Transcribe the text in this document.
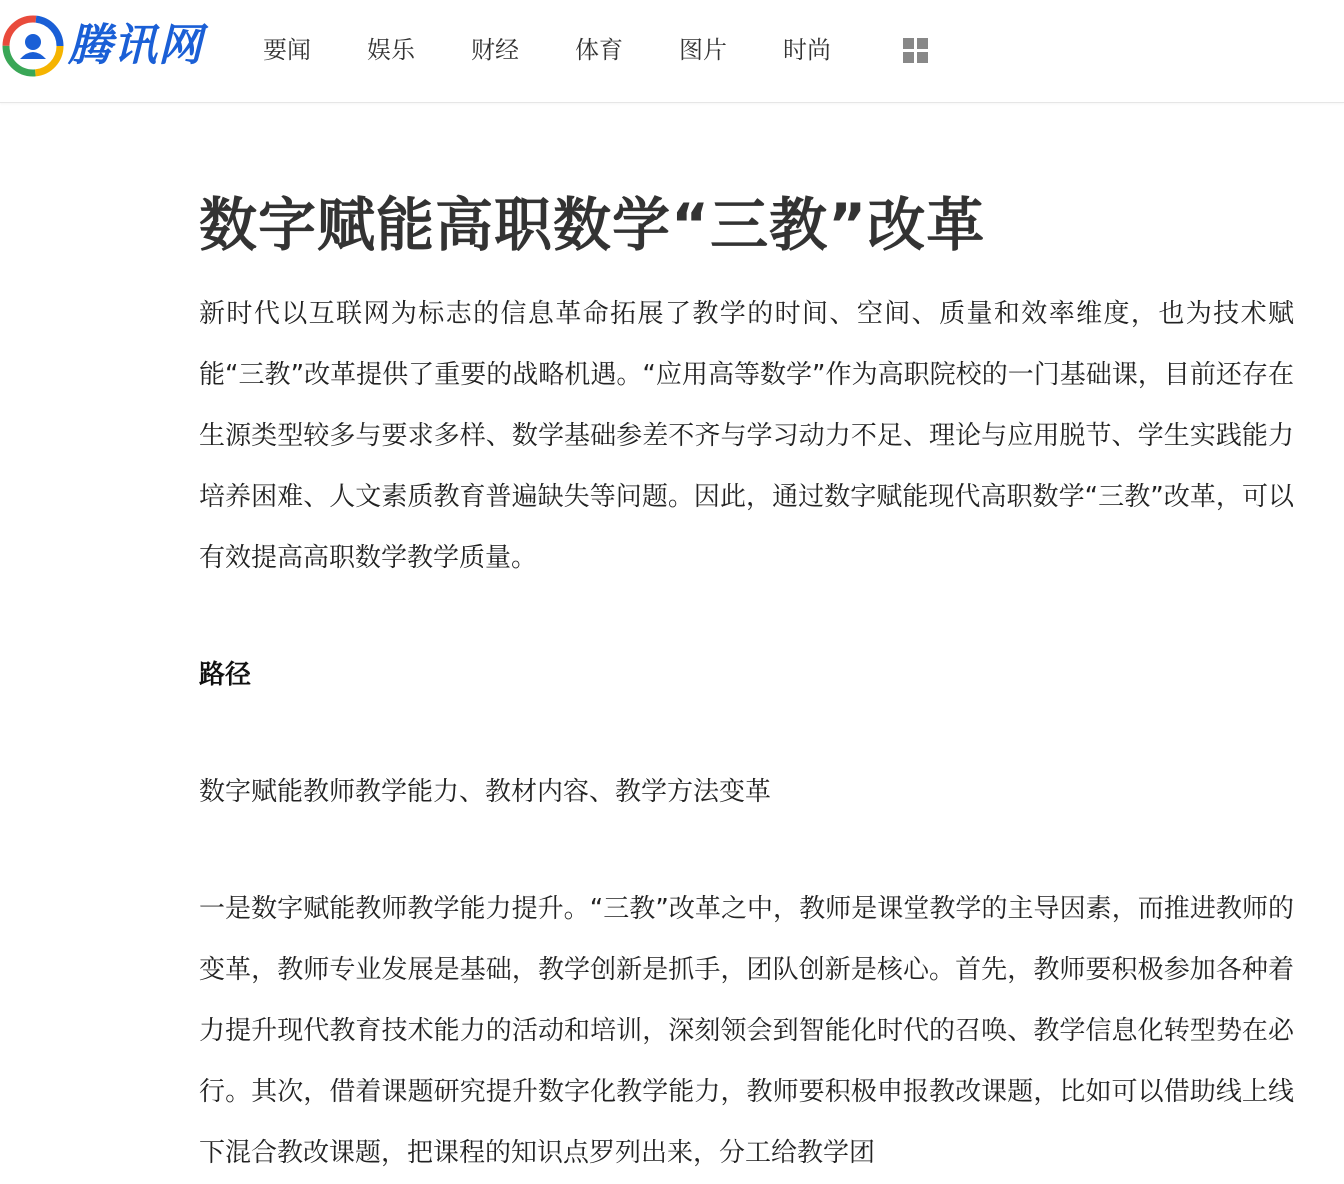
腾讯网	要闻 娱乐 财经 体育 图片 时尚
数字赋能高职数学“三教”改革

新时代以互联网为标志的信息革命拓展了教学的时间、空间、质量和效率维度，也为技术赋能“三教”改革提供了重要的战略机遇。“应用高等数学”作为高职院校的一门基础课，目前还存在生源类型较多与要求多样、数学基础参差不齐与学习动力不足、理论与应用脱节、学生实践能力培养困难、人文素质教育普遍缺失等问题。因此，通过数字赋能现代高职数学“三教”改革，可以有效提高高职数学教学质量。

路径

数字赋能教师教学能力、教材内容、教学方法变革

一是数字赋能教师教学能力提升。“三教”改革之中，教师是课堂教学的主导因素，而推进教师的变革，教师专业发展是基础，教学创新是抓手，团队创新是核心。首先，教师要积极参加各种着力提升现代教育技术能力的活动和培训，深刻领会到智能化时代的召唤、教学信息化转型势在必行。其次，借着课题研究提升数字化教学能力，教师要积极申报教改课题，比如可以借助线上线下混合教改课题，把课程的知识点罗列出来，分工给教学团
